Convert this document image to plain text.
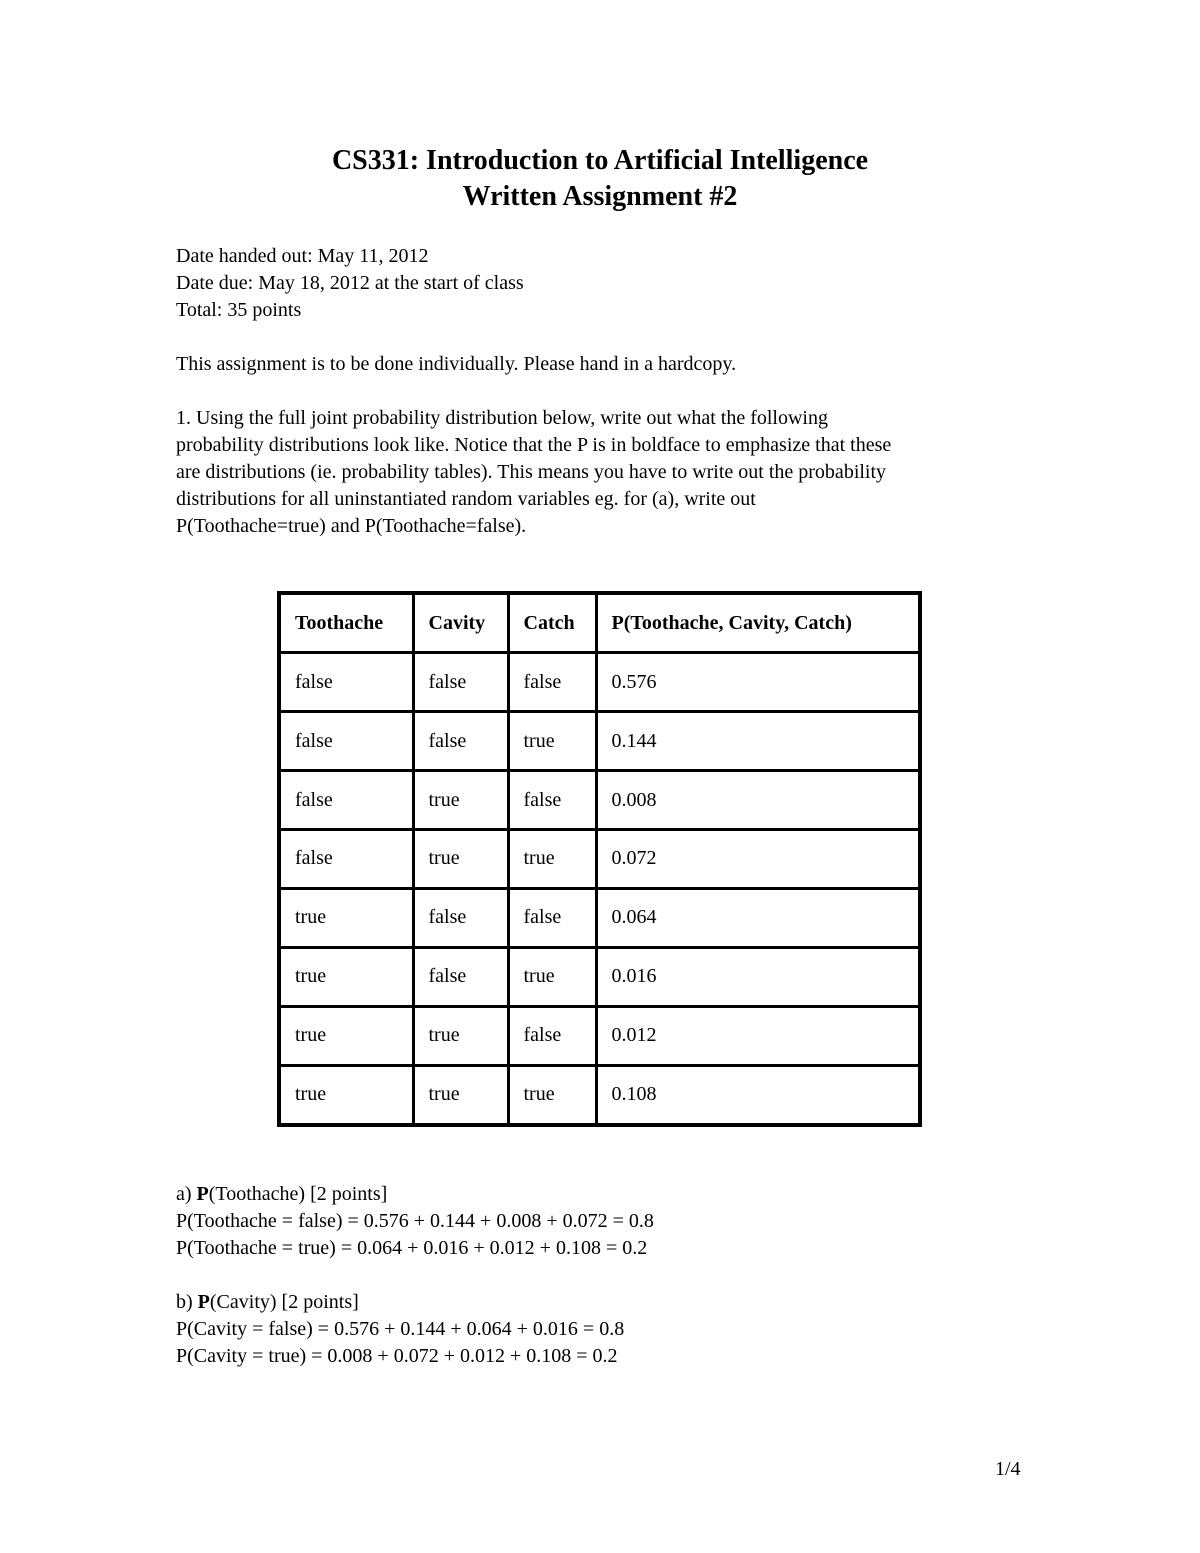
CS331: Introduction to Artificial Intelligence
Written Assignment #2
Date handed out: May 11, 2012
Date due: May 18, 2012 at the start of class
Total: 35 points
This assignment is to be done individually. Please hand in a hardcopy.
1. Using the full joint probability distribution below, write out what the following
probability distributions look like. Notice that the P is in boldface to emphasize that these
are distributions (ie. probability tables). This means you have to write out the probability
distributions for all uninstantiated random variables eg. for (a), write out
P(Toothache=true) and P(Toothache=false).
Toothache	Cavity	Catch	P(Toothache, Cavity, Catch)
false	false	false	0.576
false	false	true	0.144
false	true	false	0.008
false	true	true	0.072
true	false	false	0.064
true	false	true	0.016
true	true	false	0.012
true	true	true	0.108
a) P(Toothache) [2 points]
P(Toothache = false) = 0.576 + 0.144 + 0.008 + 0.072 = 0.8
P(Toothache = true) = 0.064 + 0.016 + 0.012 + 0.108 = 0.2
b) P(Cavity) [2 points]
P(Cavity = false) = 0.576 + 0.144 + 0.064 + 0.016 = 0.8
P(Cavity = true) = 0.008 + 0.072 + 0.012 + 0.108 = 0.2
1/4
